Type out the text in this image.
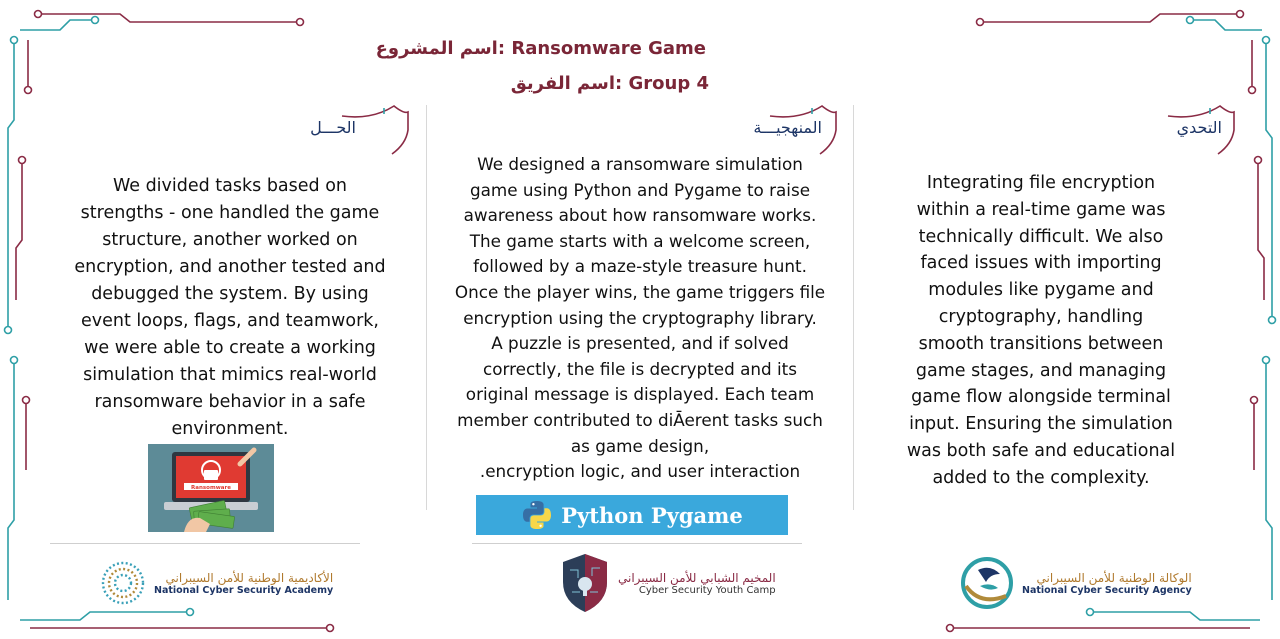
Ransomware Game :اسم المشروع
Group 4 :اسم الفريق
الحـــل	المنهجيـــة	التحدي
We divided tasks based on
strengths - one handled the game
structure, another worked on
encryption, and another tested and
debugged the system. By using
event loops, flags, and teamwork,
we were able to create a working
simulation that mimics real-world
ransomware behavior in a safe
environment.
We designed a ransomware simulation
game using Python and Pygame to raise
awareness about how ransomware works.
The game starts with a welcome screen,
followed by a maze-style treasure hunt.
Once the player wins, the game triggers file
encryption using the cryptography library.
A puzzle is presented, and if solved
correctly, the file is decrypted and its
original message is displayed. Each team
member contributed to diĀerent tasks such
as game design,
.encryption logic, and user interaction
Integrating file encryption
within a real-time game was
technically difficult. We also
faced issues with importing
modules like pygame and
cryptography, handling
smooth transitions between
game stages, and managing
game flow alongside terminal
input. Ensuring the simulation
was both safe and educational
added to the complexity.
Ransomware
Python Pygame
الأكاديمية الوطنية للأمن السيبراني
National Cyber Security Academy
المخيم الشبابي للأمن السيبراني
Cyber Security Youth Camp
الوكالة الوطنية للأمن السيبراني
National Cyber Security Agency
